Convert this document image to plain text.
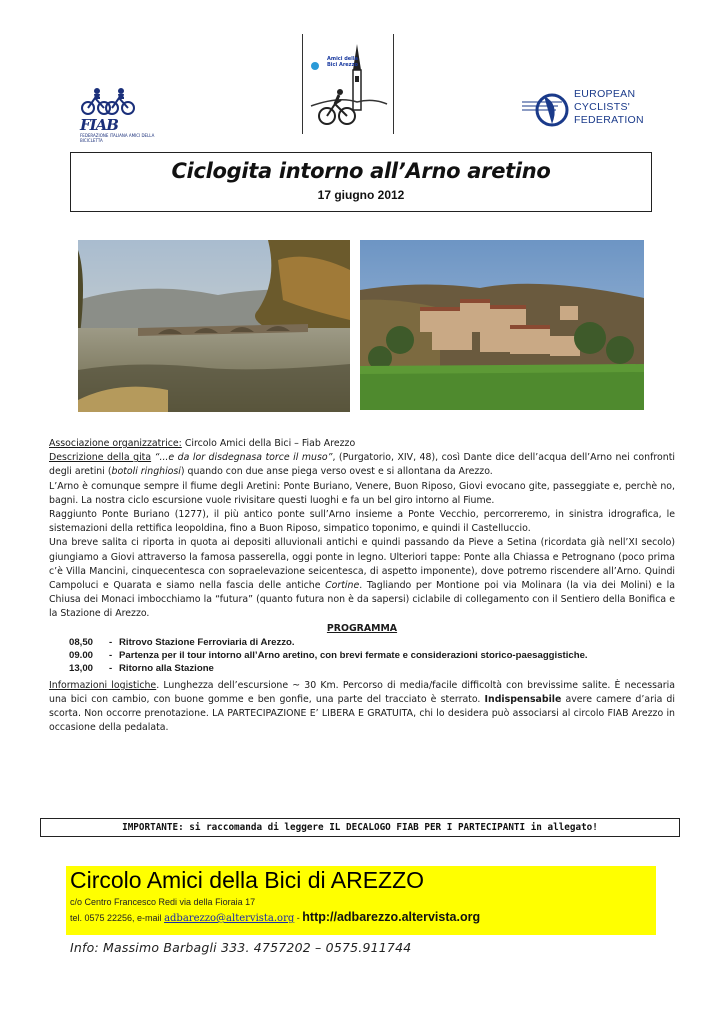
FIAB
FEDERAZIONE ITALIANA AMICI DELLA BICICLETTA
Amici della Bici Arezzo
EUROPEAN
CYCLISTS'
FEDERATION
Ciclogita intorno all’Arno aretino
17 giugno 2012

Associazione organizzatrice: Circolo Amici della Bici – Fiab Arezzo

Descrizione della gita “...e da lor disdegnasa torce il muso”, (Purgatorio, XIV, 48), così Dante dice dell’acqua dell’Arno nei confronti degli aretini (botoli ringhiosi) quando con due anse piega verso ovest e si allontana da Arezzo.

L’Arno è comunque sempre il fiume degli Aretini: Ponte Buriano, Venere, Buon Riposo, Giovi evocano gite, passeggiate e, perchè no, bagni. La nostra ciclo escursione vuole rivisitare questi luoghi e fa un bel giro intorno al Fiume.

Raggiunto Ponte Buriano (1277), il più antico ponte sull’Arno insieme a Ponte Vecchio, percorreremo, in sinistra idrografica, le sistemazioni della rettifica leopoldina, fino a Buon Riposo, simpatico toponimo, e quindi il Castelluccio.

Una breve salita ci riporta in quota ai depositi alluvionali antichi e quindi passando da Pieve a Setina (ricordata già nell’XI secolo) giungiamo a Giovi attraverso la famosa passerella, oggi ponte in legno. Ulteriori tappe: Ponte alla Chiassa e Petrognano (poco prima c’è Villa Mancini, cinquecentesca con sopraelevazione seicentesca, di aspetto imponente), dove potremo riscendere all’Arno. Quindi Campoluci e Quarata e siamo nella fascia delle antiche Cortine. Tagliando per Montione poi via Molinara (la via dei Molini) e la Chiusa dei Monaci imbocchiamo la “futura” (quanto futura non è da sapersi) ciclabile di collegamento con il Sentiero della Bonifica e la Stazione di Arezzo.

PROGRAMMA

08,50 - Ritrovo Stazione Ferroviaria di Arezzo.
09.00 - Partenza per il tour intorno all’Arno aretino, con brevi fermate e considerazioni storico-paesaggistiche.
13,00 - Ritorno alla Stazione

Informazioni logistiche. Lunghezza dell’escursione ~ 30 Km. Percorso di media/facile difficoltà con brevissime salite. È necessaria una bici con cambio, con buone gomme e ben gonfie, una parte del tracciato è sterrato. Indispensabile avere camere d’aria di scorta. Non occorre prenotazione. LA PARTECIPAZIONE E’ LIBERA E GRATUITA, chi lo desidera può associarsi al circolo FIAB Arezzo in occasione della pedalata.

IMPORTANTE: si raccomanda di leggere IL DECALOGO FIAB PER I PARTECIPANTI in allegato!
Circolo Amici della Bici di AREZZO
c/o Centro Francesco Redi via della Fioraia 17
tel. 0575 22256, e-mail adbarezzo@altervista.org - http://adbarezzo.altervista.org
Info: Massimo Barbagli 333. 4757202 – 0575.911744
